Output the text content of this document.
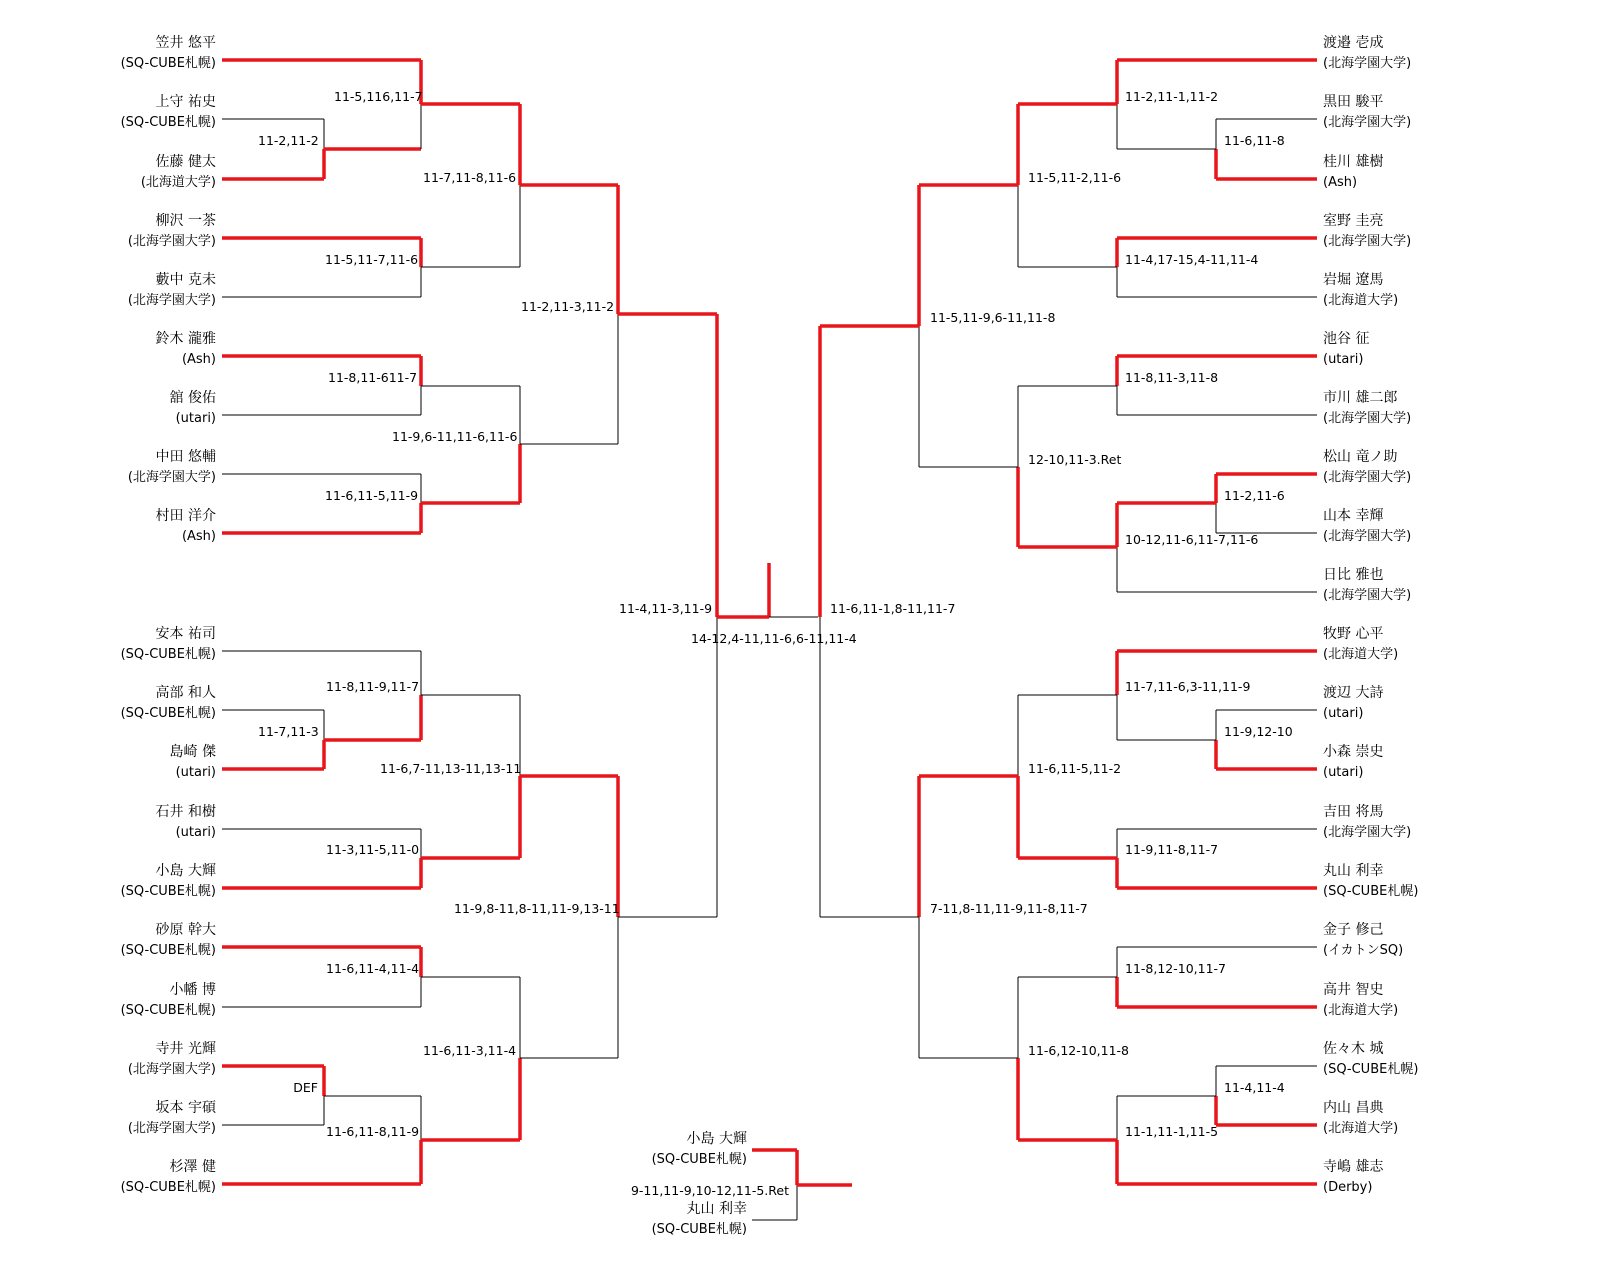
笠井 悠平
(SQ-CUBE札幌)
上守 祐史
(SQ-CUBE札幌)
佐藤 健太
(北海道大学)
柳沢 一茶
(北海学園大学)
藪中 克未
(北海学園大学)
鈴木 瀧雅
(Ash)
舘 俊佑
(utari)
中田 悠輔
(北海学園大学)
村田 洋介
(Ash)
安本 祐司
(SQ-CUBE札幌)
高部 和人
(SQ-CUBE札幌)
島崎 傑
(utari)
石井 和樹
(utari)
小島 大輝
(SQ-CUBE札幌)
砂原 幹大
(SQ-CUBE札幌)
小幡 博
(SQ-CUBE札幌)
寺井 光輝
(北海学園大学)
坂本 宇碩
(北海学園大学)
杉澤 健
(SQ-CUBE札幌)
11-2,11-2
11-5,116,11-7
11-5,11-7,11-6
11-7,11-8,11-6
11-8,11-611-7
11-6,11-5,11-9
11-9,6-11,11-6,11-6
11-2,11-3,11-2
11-7,11-3
11-8,11-9,11-7
11-3,11-5,11-0
11-6,7-11,13-11,13-11
11-6,11-4,11-4
DEF
11-6,11-8,11-9
11-6,11-3,11-4
11-9,8-11,8-11,11-9,13-11
11-4,11-3,11-9
14-12,4-11,11-6,6-11,11-4
渡邉 壱成
(北海学園大学)
黒田 駿平
(北海学園大学)
桂川 雄樹
(Ash)
室野 圭亮
(北海学園大学)
岩堀 遼馬
(北海道大学)
池谷 征
(utari)
市川 雄二郎
(北海学園大学)
松山 竜ノ助
(北海学園大学)
山本 幸輝
(北海学園大学)
日比 雅也
(北海学園大学)
牧野 心平
(北海道大学)
渡辺 大詩
(utari)
小森 崇史
(utari)
吉田 将馬
(北海学園大学)
丸山 利幸
(SQ-CUBE札幌)
金子 修己
(イカトンSQ)
高井 智史
(北海道大学)
佐々木 城
(SQ-CUBE札幌)
内山 昌典
(北海道大学)
寺嶋 雄志
(Derby)
11-6,11-8
11-2,11-1,11-2
11-4,17-15,4-11,11-4
11-5,11-2,11-6
11-8,11-3,11-8
11-2,11-6
10-12,11-6,11-7,11-6
12-10,11-3.Ret
11-5,11-9,6-11,11-8
11-9,12-10
11-7,11-6,3-11,11-9
11-9,11-8,11-7
11-6,11-5,11-2
11-8,12-10,11-7
11-4,11-4
11-1,11-1,11-5
11-6,12-10,11-8
7-11,8-11,11-9,11-8,11-7
11-6,11-1,8-11,11-7
小島 大輝
(SQ-CUBE札幌)
丸山 利幸
(SQ-CUBE札幌)
9-11,11-9,10-12,11-5.Ret
